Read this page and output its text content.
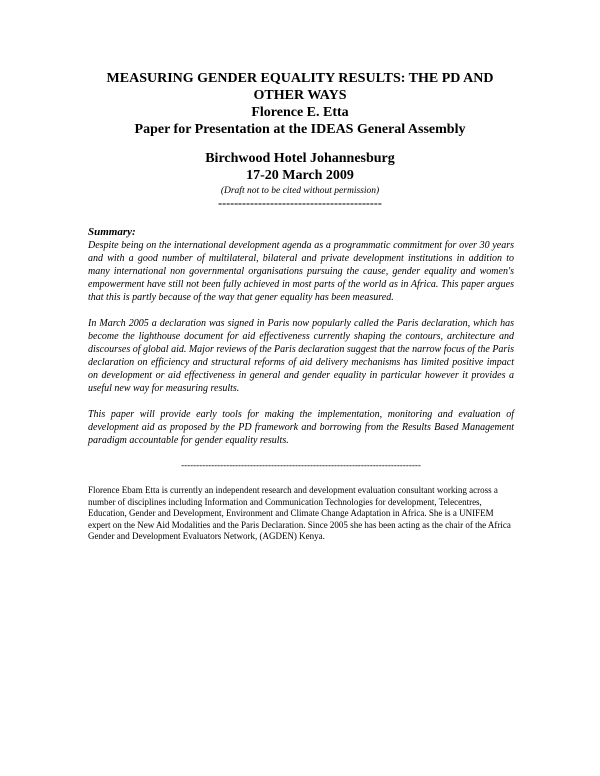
MEASURING GENDER EQUALITY RESULTS: THE PD AND
OTHER WAYS
Florence E. Etta
Paper for Presentation at the IDEAS General Assembly
Birchwood Hotel Johannesburg
17-20 March 2009
(Draft not to be cited without permission)
-----------------------------------------
Summary:

Despite being on the international development agenda as a programmatic commitment for over 30 years and with a good number of multilateral, bilateral and private development institutions in addition to many international non governmental organisations pursuing the cause, gender equality and women's empowerment have still not been fully achieved in most parts of the world as in Africa. This paper argues that this is partly because of the way that gener equality has been measured.

In March 2005 a declaration was signed in Paris now popularly called the Paris declaration, which has become the lighthouse document for aid effectiveness currently shaping the contours, architecture and discourses of global aid. Major reviews of the Paris declaration suggest that the narrow focus of the Paris declaration on efficiency and structural reforms of aid delivery mechanisms has limited positive impact on development or aid effectiveness in general and gender equality in particular however it provides a useful new way for measuring results.

This paper will provide early tools for making the implementation, monitoring and evaluation of development aid as proposed by the PD framework and borrowing from the Results Based Management paradigm accountable for gender equality results.

--------------------------------------------------------------------------------
Florence Ebam Etta is currently an independent research and development evaluation consultant working across a number of disciplines including Information and Communication Technologies for development, Telecentres, Education, Gender and Development, Environment and Climate Change Adaptation in Africa. She is a UNIFEM expert on the New Aid Modalities and the Paris Declaration. Since 2005 she has been acting as the chair of the Africa Gender and Development Evaluators Network, (AGDEN) Kenya.
